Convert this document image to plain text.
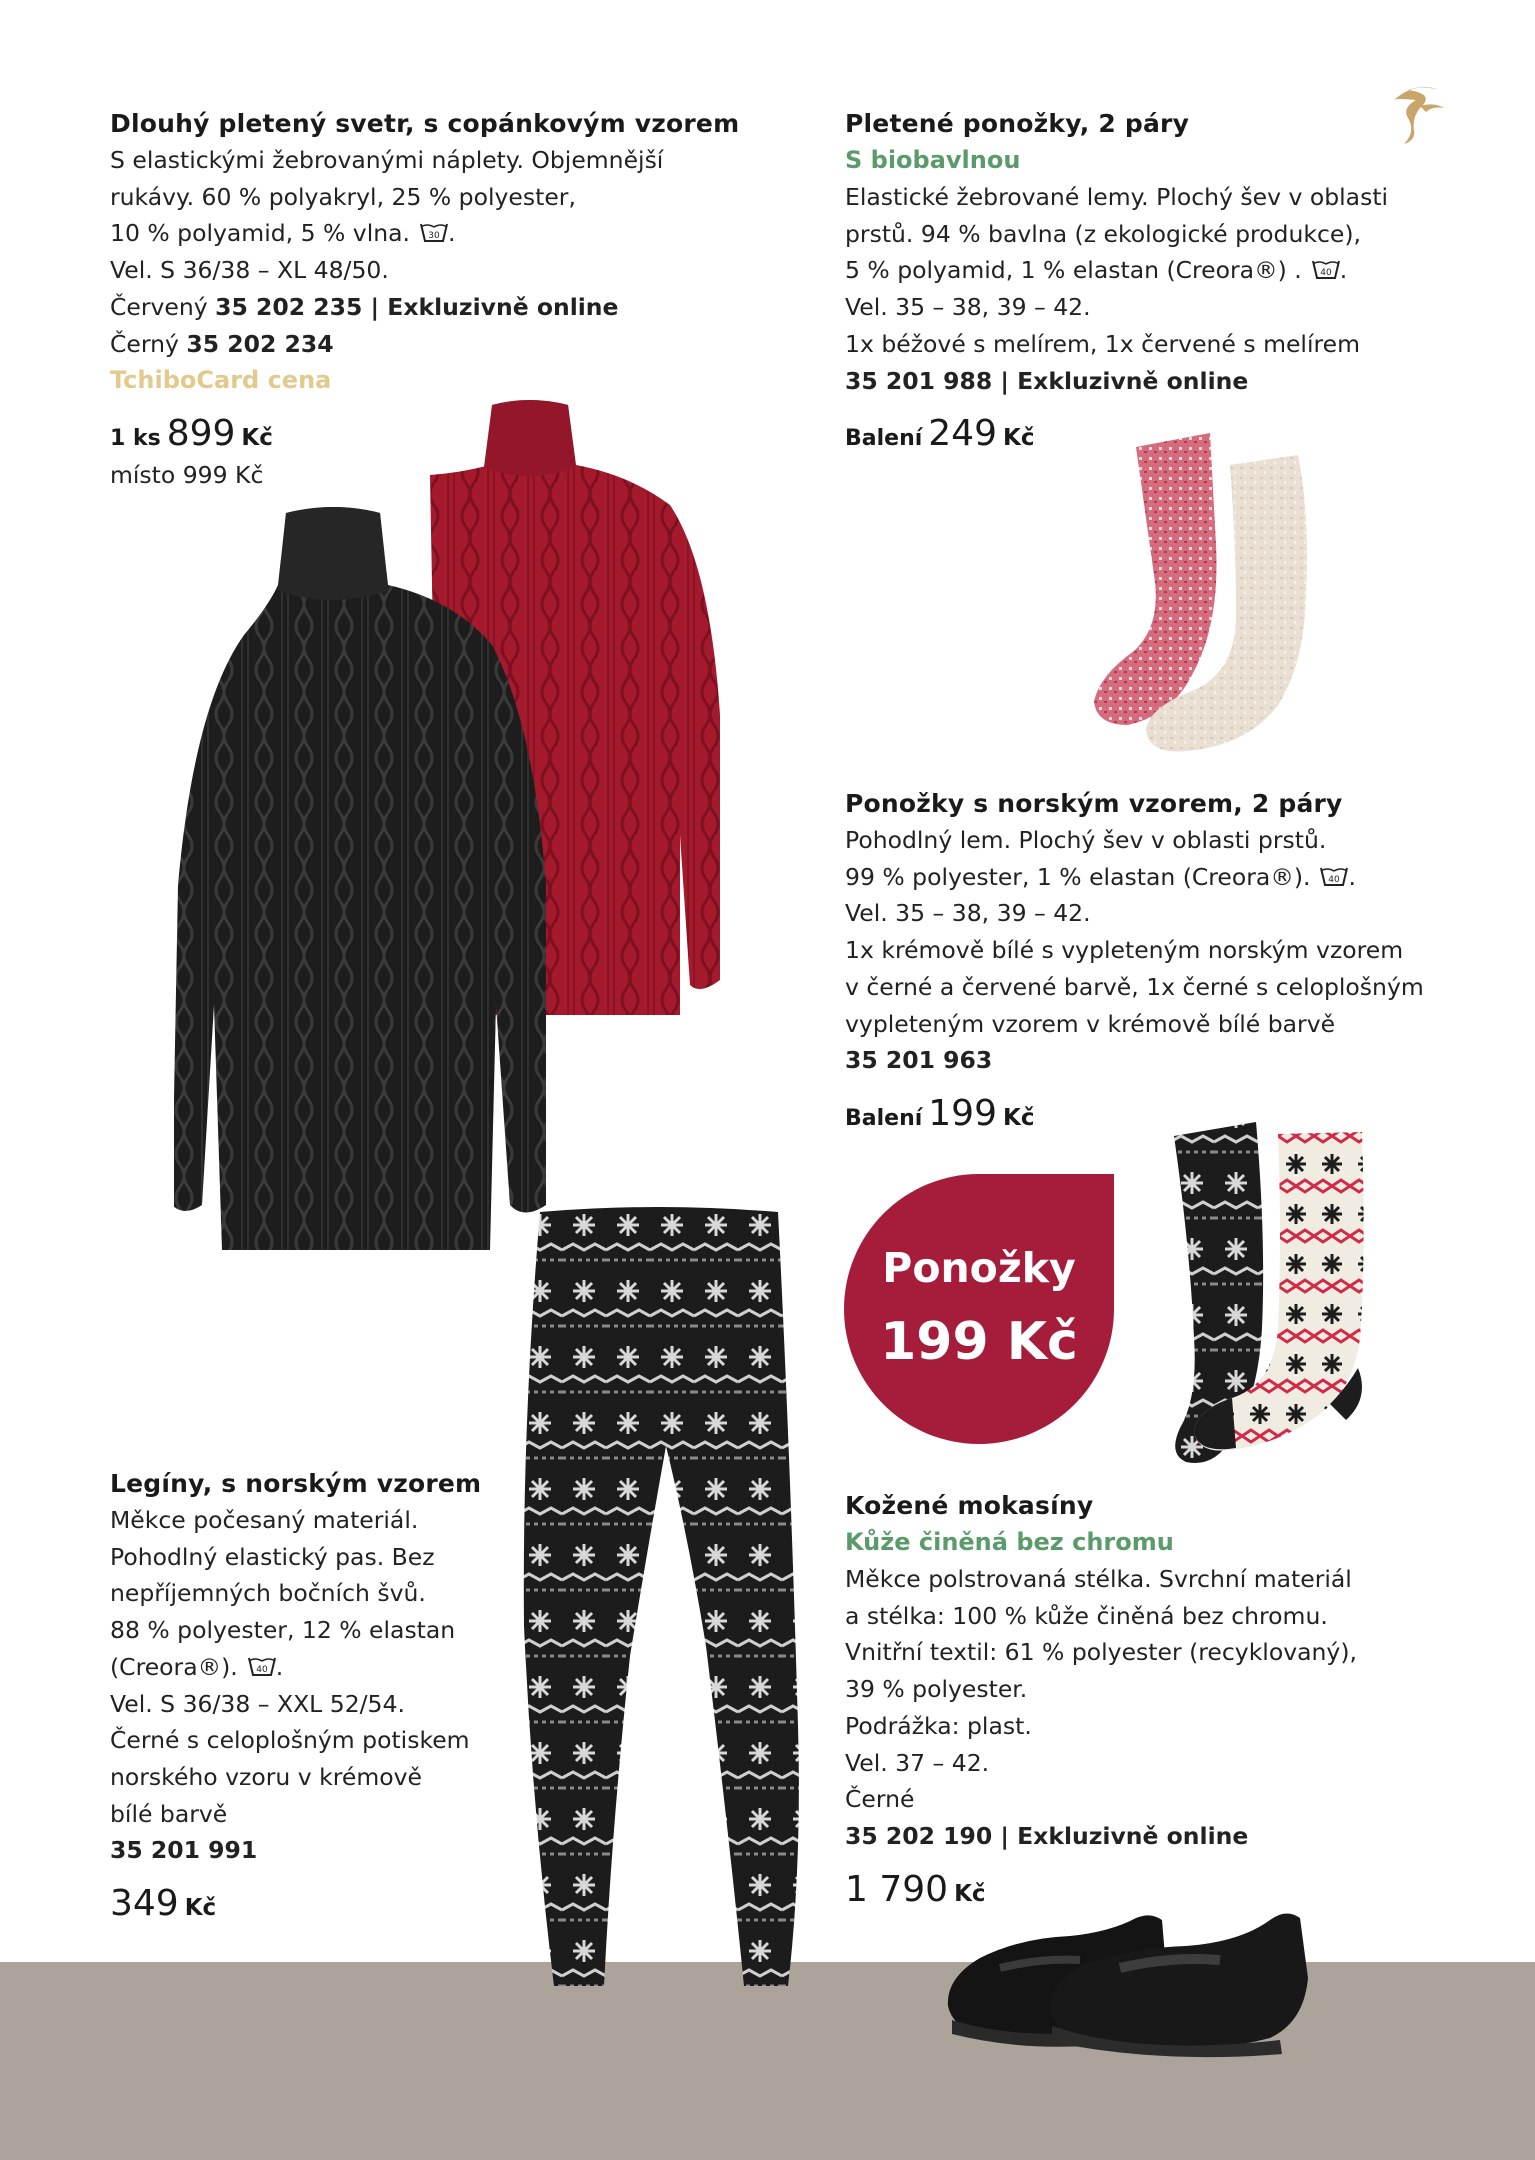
Dlouhý pletený svetr, s copánkovým vzorem
S elastickými žebrovanými náplety. Objemnější
rukávy. 60 % polyakryl, 25 % polyester,
10 % polyamid, 5 % vlna. 30 .
Vel. S 36/38 – XL 48/50.
Červený 35 202 235 | Exkluzivně online
Černý 35 202 234
TchiboCard cena
1 ks 899 Kč
místo 999 Kč
Legíny, s norským vzorem
Měkce počesaný materiál.
Pohodlný elastický pas. Bez
nepříjemných bočních švů.
88 % polyester, 12 % elastan
(Creora®). 40 .
Vel. S 36/38 – XXL 52/54.
Černé s celoplošným potiskem
norského vzoru v krémově
bílé barvě
35 201 991
349 Kč
Pletené ponožky, 2 páry
S biobavlnou
Elastické žebrované lemy. Plochý šev v oblasti
prstů. 94 % bavlna (z ekologické produkce),
5 % polyamid, 1 % elastan (Creora®) . 40 .
Vel. 35 – 38, 39 – 42.
1x béžové s melírem, 1x červené s melírem
35 201 988 | Exkluzivně online
Balení 249 Kč
Ponožky s norským vzorem, 2 páry
Pohodlný lem. Plochý šev v oblasti prstů.
99 % polyester, 1 % elastan (Creora®). 40 .
Vel. 35 – 38, 39 – 42.
1x krémově bílé s vypleteným norským vzorem
v černé a červené barvě, 1x černé s celoplošným
vypleteným vzorem v krémově bílé barvě
35 201 963
Balení 199 Kč
Ponožky
199 Kč
Kožené mokasíny
Kůže činěná bez chromu
Měkce polstrovaná stélka. Svrchní materiál
a stélka: 100 % kůže činěná bez chromu.
Vnitřní textil: 61 % polyester (recyklovaný),
39 % polyester.
Podrážka: plast.
Vel. 37 – 42.
Černé
35 202 190 | Exkluzivně online
1 790 Kč
